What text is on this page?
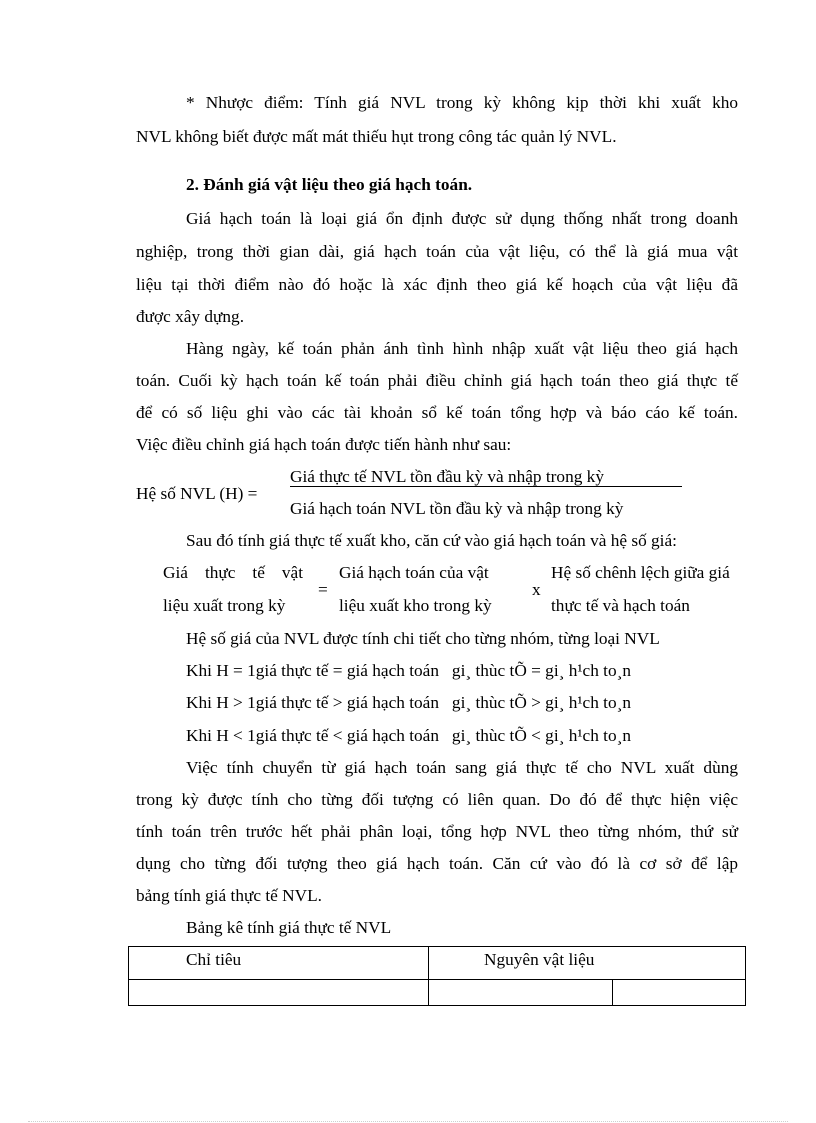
* Nhược điểm: Tính giá NVL trong kỳ không kịp thời khi xuất kho
NVL không biết được mất mát thiếu hụt trong công tác quản lý NVL.
2. Đánh giá vật liệu theo giá hạch toán.
Giá hạch toán là loại giá ổn định được sử dụng thống nhất trong doanh
nghiệp, trong thời gian dài, giá hạch toán của vật liệu, có thể là giá mua vật
liệu tại thời điểm nào đó hoặc là xác định theo giá kế hoạch của vật liệu đã
được xây dựng.
Hàng ngày, kế toán phản ánh tình hình nhập xuất vật liệu theo giá hạch
toán. Cuối kỳ hạch toán kế toán phải điều chỉnh giá hạch toán theo giá thực tế
để có số liệu ghi vào các tài khoản sổ kế toán tổng hợp và báo cáo kế toán.
Việc điều chỉnh giá hạch toán được tiến hành như sau:
Hệ số NVL (H) =
Giá thực tế NVL tồn đầu kỳ và nhập trong kỳ
Giá hạch toán NVL tồn đầu kỳ và nhập trong kỳ
Sau đó tính giá thực tế xuất kho, căn cứ vào giá hạch toán và hệ số giá:
Giá thực tế vật
liệu xuất trong kỳ
=
Giá hạch toán của vật
liệu xuất kho trong kỳ
x
Hệ số chênh lệch giữa giá
thực tế và hạch toán
Hệ số giá của NVL được tính chi tiết cho từng nhóm, từng loại NVL
Khi H = 1giá thực tế = giá hạch toán   gi¸ thùc tÕ = gi¸ h¹ch to¸n
Khi H > 1giá thực tế > giá hạch toán   gi¸ thùc tÕ > gi¸ h¹ch to¸n
Khi H < 1giá thực tế < giá hạch toán   gi¸ thùc tÕ < gi¸ h¹ch to¸n
Việc tính chuyển từ giá hạch toán sang giá thực tế cho NVL xuất dùng
trong kỳ được tính cho từng đối tượng có liên quan. Do đó để thực hiện việc
tính toán trên trước hết phải phân loại, tổng hợp NVL theo từng nhóm, thứ sử
dụng cho từng đối tượng theo giá hạch toán. Căn cứ vào đó là cơ sở để lập
bảng tính giá thực tế NVL.
Bảng kê tính giá thực tế NVL
Chỉ tiêu	Nguyên vật liệu	
